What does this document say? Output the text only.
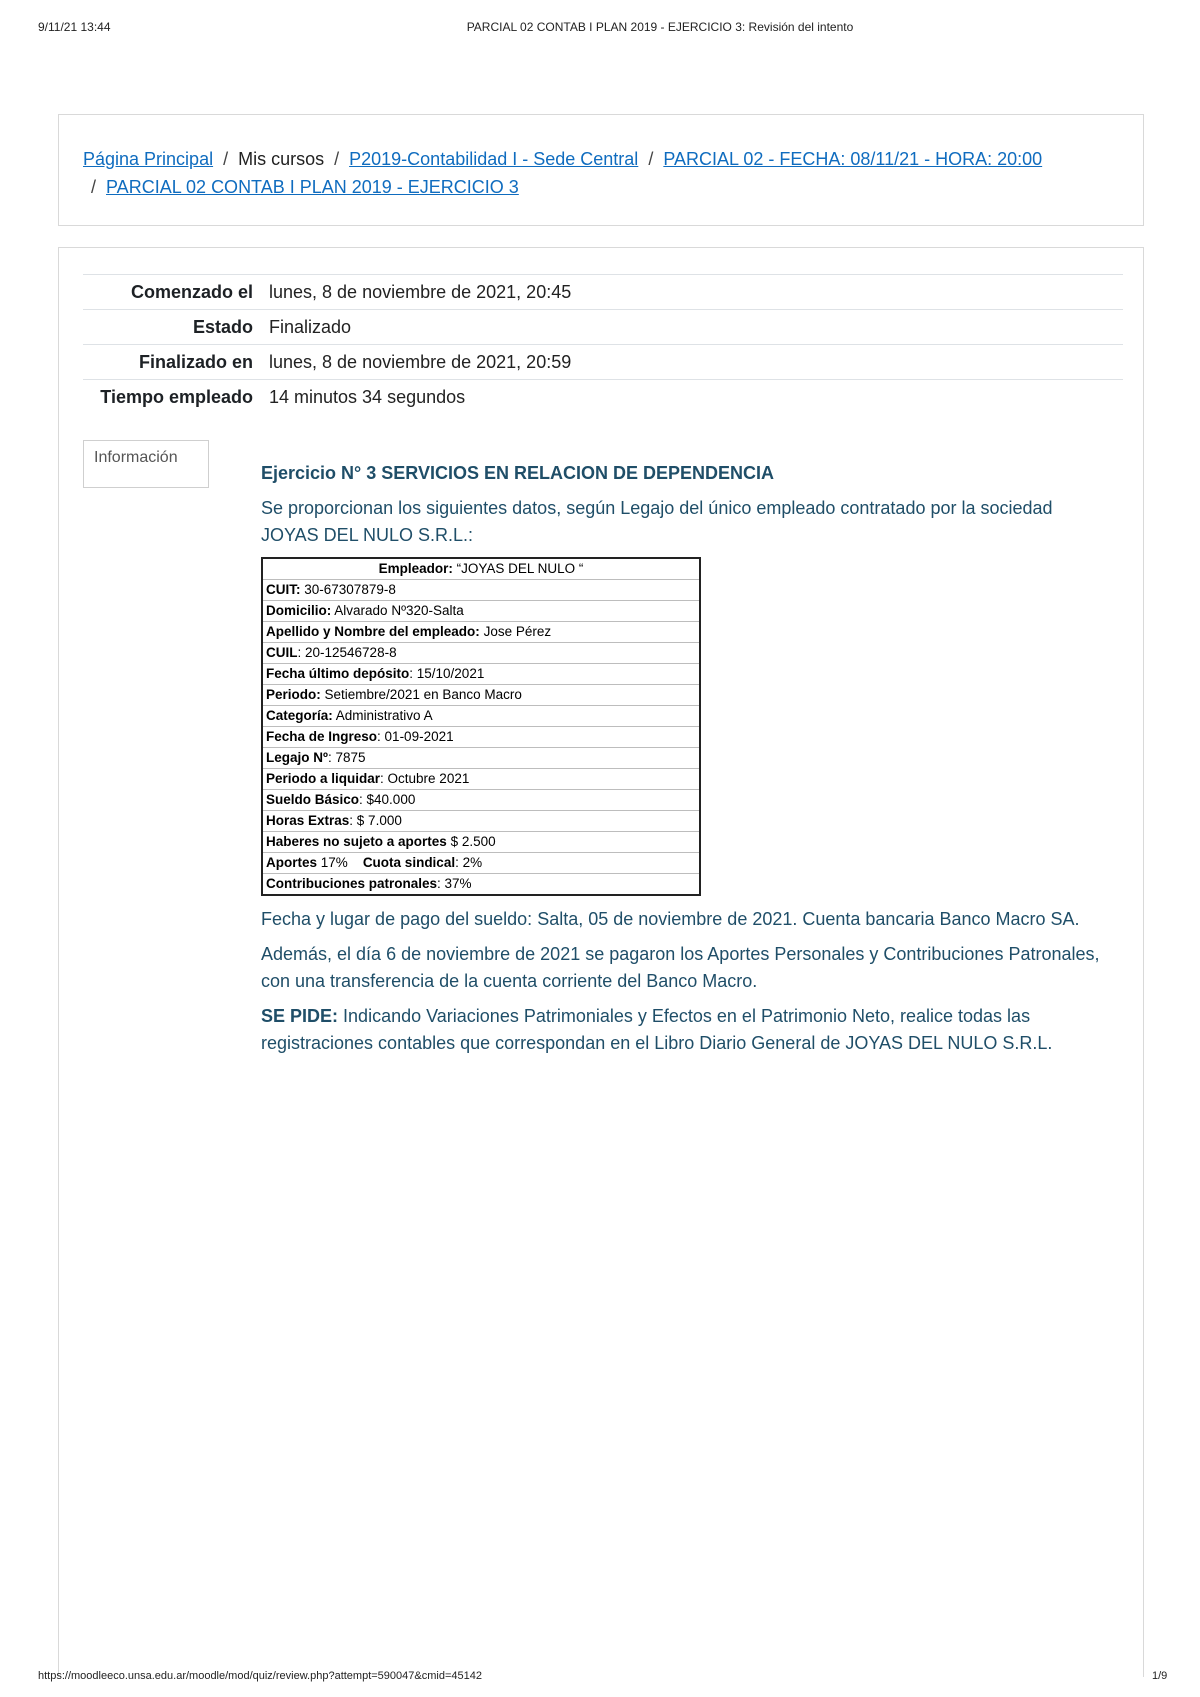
9/11/21 13:44	PARCIAL 02 CONTAB I PLAN 2019 - EJERCICIO 3: Revisión del intento
Página Principal / Mis cursos / P2019-Contabilidad I - Sede Central / PARCIAL 02 - FECHA: 08/11/21 - HORA: 20:00
/ PARCIAL 02 CONTAB I PLAN 2019 - EJERCICIO 3
Comenzado el	lunes, 8 de noviembre de 2021, 20:45
Estado	Finalizado
Finalizado en	lunes, 8 de noviembre de 2021, 20:59
Tiempo empleado	14 minutos 34 segundos
Información

Ejercicio N° 3 SERVICIOS EN RELACION DE DEPENDENCIA

Se proporcionan los siguientes datos, según Legajo del único empleado contratado por la sociedad JOYAS DEL NULO S.R.L.:

Empleador: “JOYAS DEL NULO “
CUIT: 30-67307879-8
Domicilio: Alvarado Nº320-Salta
Apellido y Nombre del empleado: Jose Pérez
CUIL: 20-12546728-8
Fecha último depósito: 15/10/2021
Periodo: Setiembre/2021 en Banco Macro
Categoría: Administrativo A
Fecha de Ingreso: 01-09-2021
Legajo Nº: 7875
Periodo a liquidar: Octubre 2021
Sueldo Básico: $40.000
Horas Extras: $ 7.000
Haberes no sujeto a aportes $ 2.500
Aportes 17% Cuota sindical: 2%
Contribuciones patronales: 37%

Fecha y lugar de pago del sueldo: Salta, 05 de noviembre de 2021. Cuenta bancaria Banco Macro SA.

Además, el día 6 de noviembre de 2021 se pagaron los Aportes Personales y Contribuciones Patronales, con una transferencia de la cuenta corriente del Banco Macro.

SE PIDE: Indicando Variaciones Patrimoniales y Efectos en el Patrimonio Neto, realice todas las registraciones contables que correspondan en el Libro Diario General de JOYAS DEL NULO S.R.L.

https://moodleeco.unsa.edu.ar/moodle/mod/quiz/review.php?attempt=590047&cmid=45142	1/9
